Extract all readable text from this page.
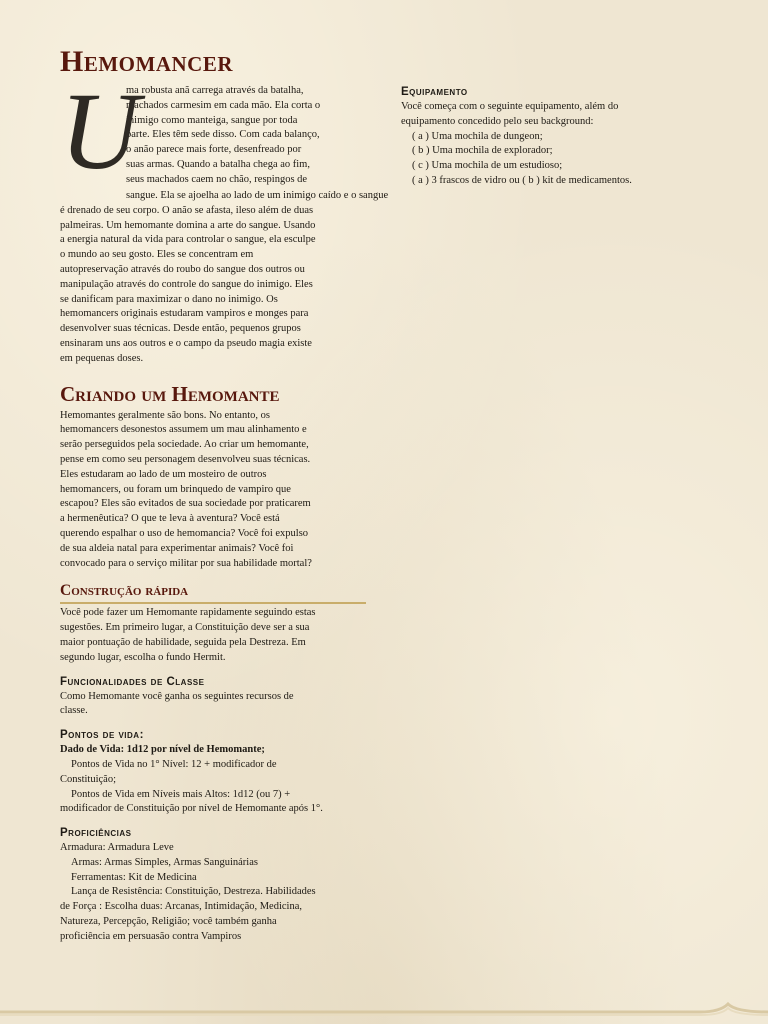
Hemomancer
U

ma robusta anã carrega através da batalha,

machados carmesim em cada mão. Ela corta o

inimigo como manteiga, sangue por toda

parte. Eles têm sede disso. Com cada balanço,

o anão parece mais forte, desenfreado por

suas armas. Quando a batalha chega ao fim,

seus machados caem no chão, respingos de

sangue. Ela se ajoelha ao lado de um inimigo caído e o sangue

é drenado de seu corpo. O anão se afasta, ileso além de duas

palmeiras. Um hemomante domina a arte do sangue. Usando

a energia natural da vida para controlar o sangue, ela esculpe

o mundo ao seu gosto. Eles se concentram em

autopreservação através do roubo do sangue dos outros ou

manipulação através do controle do sangue do inimigo. Eles

se danificam para maximizar o dano no inimigo. Os

hemomancers originais estudaram vampiros e monges para

desenvolver suas técnicas. Desde então, pequenos grupos

ensinaram uns aos outros e o campo da pseudo magia existe

em pequenas doses.

Criando um Hemomante

Hemomantes geralmente são bons. No entanto, os

hemomancers desonestos assumem um mau alinhamento e

serão perseguidos pela sociedade. Ao criar um hemomante,

pense em como seu personagem desenvolveu suas técnicas.

Eles estudaram ao lado de um mosteiro de outros

hemomancers, ou foram um brinquedo de vampiro que

escapou? Eles são evitados de sua sociedade por praticarem

a hermenêutica? O que te leva à aventura? Você está

querendo espalhar o uso de hemomancia? Você foi expulso

de sua aldeia natal para experimentar animais? Você foi

convocado para o serviço militar por sua habilidade mortal?

Construção rápida

Você pode fazer um Hemomante rapidamente seguindo estas

sugestões. Em primeiro lugar, a Constituição deve ser a sua

maior pontuação de habilidade, seguida pela Destreza. Em

segundo lugar, escolha o fundo Hermit.

Funcionalidades de Classe

Como Hemomante você ganha os seguintes recursos de

classe.

Pontos de vida:

Dado de Vida: 1d12 por nível de Hemomante;

Pontos de Vida no 1° Nível: 12 + modificador de

Constituição;

Pontos de Vida em Níveis mais Altos: 1d12 (ou 7) +

modificador de Constituição por nível de Hemomante após 1°.

Proficiências

Armadura: Armadura Leve

Armas: Armas Simples, Armas Sanguinárias

Ferramentas: Kit de Medicina

Lança de Resistência: Constituição, Destreza. Habilidades

de Força : Escolha duas: Arcanas, Intimidação, Medicina,

Natureza, Percepção, Religião; você também ganha

proficiência em persuasão contra Vampiros

Equipamento

Você começa com o seguinte equipamento, além do

equipamento concedido pelo seu background:

( a ) Uma mochila de dungeon;

( b ) Uma mochila de explorador;

( c ) Uma mochila de um estudioso;

( a ) 3 frascos de vidro ou ( b ) kit de medicamentos.
